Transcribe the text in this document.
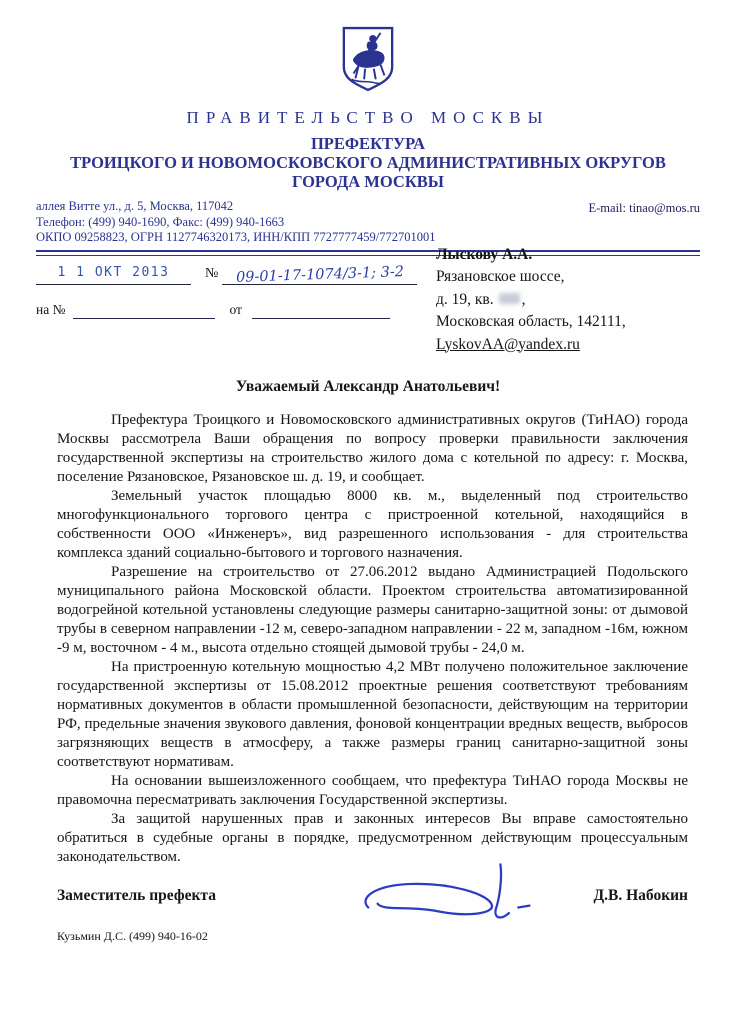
ПРАВИТЕЛЬСТВО МОСКВЫ
ПРЕФЕКТУРА
ТРОИЦКОГО И НОВОМОСКОВСКОГО АДМИНИСТРАТИВНЫХ ОКРУГОВ
ГОРОДА МОСКВЫ
аллея Витте ул., д. 5, Москва, 117042
Телефон: (499) 940-1690, Факс: (499) 940-1663
ОКПО 09258823, ОГРН 1127746320173, ИНН/КПП 7727777459/772701001
E-mail: tinao@mos.ru
1 1 ОКТ 2013	№	09-01-17-1074/3-1; 3-2
на №	от
Лыскову А.А.
Рязановское шоссе,
д. 19, кв. ,
Московская область, 142111,
LyskovAA@yandex.ru
Уважаемый Александр Анатольевич!

Префектура Троицкого и Новомосковского административных округов (ТиНАО) города Москвы рассмотрела Ваши обращения по вопросу проверки правильности заключения государственной экспертизы на строительство жилого дома с котельной по адресу: г. Москва, поселение Рязановское, Рязановское ш. д. 19, и сообщает.

Земельный участок площадью 8000 кв. м., выделенный под строительство многофункционального торгового центра с пристроенной котельной, находящийся в собственности ООО «Инженеръ», вид разрешенного использования - для строительства комплекса зданий социально-бытового и торгового назначения.

Разрешение на строительство от 27.06.2012 выдано Администрацией Подольского муниципального района Московской области. Проектом строительства автоматизированной водогрейной котельной установлены следующие размеры санитарно-защитной зоны: от дымовой трубы в северном направлении -12 м, северо-западном направлении - 22 м, западном -16м, южном -9 м, восточном - 4 м., высота отдельно стоящей дымовой трубы - 24,0 м.

На пристроенную котельную мощностью 4,2 МВт получено положительное заключение государственной экспертизы от 15.08.2012 проектные решения соответствуют требованиям нормативных документов в области промышленной безопасности, действующим на территории РФ, предельные значения звукового давления, фоновой концентрации вредных веществ, выбросов загрязняющих веществ в атмосферу, а также размеры границ санитарно-защитной зоны соответствуют нормативам.

На основании вышеизложенного сообщаем, что префектура ТиНАО города Москвы не правомочна пересматривать заключения Государственной экспертизы.

За защитой нарушенных прав и законных интересов Вы вправе самостоятельно обратиться в судебные органы в порядке, предусмотренном действующим процессуальным законодательством.

Заместитель префекта	Д.В. Набокин
Кузьмин Д.С. (499) 940-16-02
